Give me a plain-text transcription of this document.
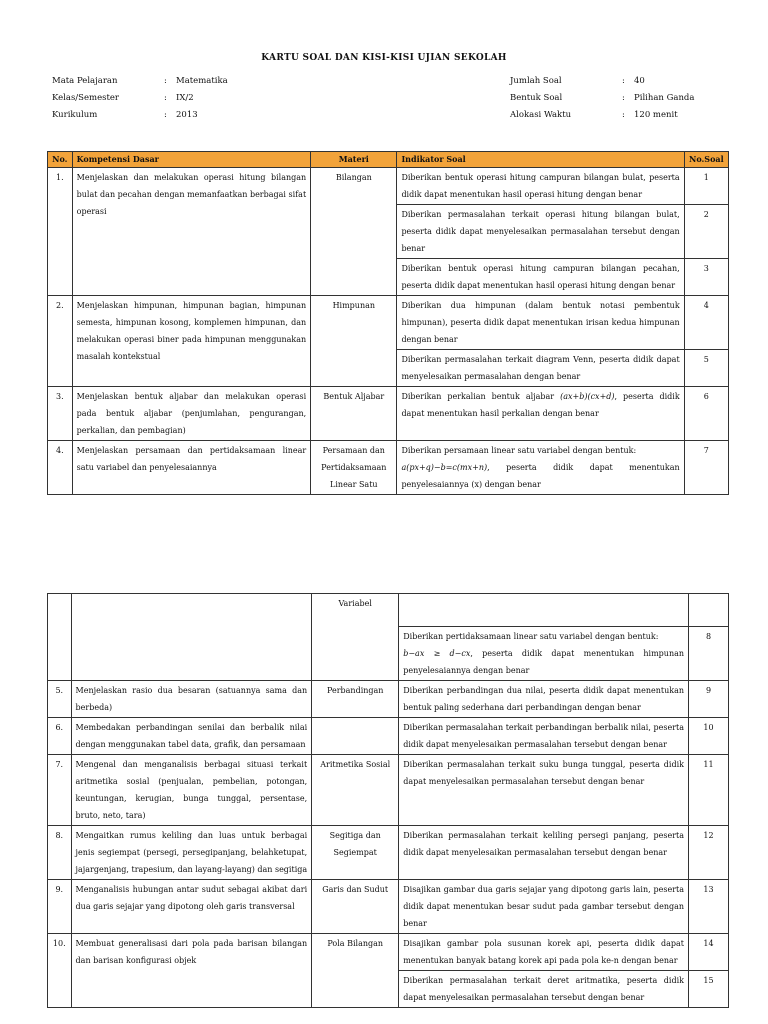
KARTU SOAL DAN KISI-KISI UJIAN SEKOLAH
Mata Pelajaran	:	Matematika
Kelas/Semester	:	IX/2
Kurikulum	:	2013
Jumlah Soal	:	40
Bentuk Soal	:	Pilihan Ganda
Alokasi Waktu	:	120 menit
No.	Kompetensi Dasar	Materi	Indikator Soal	No.Soal
1.	Menjelaskan dan melakukan operasi hitung bilangan bulat dan pecahan dengan memanfaatkan berbagai sifat operasi	Bilangan	Diberikan bentuk operasi hitung campuran bilangan bulat, peserta didik dapat menentukan hasil operasi hitung dengan benar	1
			Diberikan permasalahan terkait operasi hitung bilangan bulat, peserta didik dapat menyelesaikan permasalahan tersebut dengan benar	2
			Diberikan bentuk operasi hitung campuran bilangan pecahan, peserta didik dapat menentukan hasil operasi hitung dengan benar	3
2.	Menjelaskan himpunan, himpunan bagian, himpunan semesta, himpunan kosong, komplemen himpunan, dan melakukan operasi biner pada himpunan menggunakan masalah kontekstual	Himpunan	Diberikan dua himpunan (dalam bentuk notasi pembentuk himpunan), peserta didik dapat menentukan irisan kedua himpunan dengan benar	4
			Diberikan permasalahan terkait diagram Venn, peserta didik dapat menyelesaikan permasalahan dengan benar	5
3.	Menjelaskan bentuk aljabar dan melakukan operasi pada bentuk aljabar (penjumlahan, pengurangan, perkalian, dan pembagian)	Bentuk Aljabar	Diberikan perkalian bentuk aljabar (ax+b)(cx+d), peserta didik dapat menentukan hasil perkalian dengan benar	6
4.	Menjelaskan persamaan dan pertidaksamaan linear satu variabel dan penyelesaiannya	Persamaan dan Pertidaksamaan Linear Satu	Diberikan persamaan linear satu variabel dengan bentuk:
a(px+q)−b=c(mx+n), peserta didik dapat menentukan penyelesaiannya (x) dengan benar	7
		Variabel		
			Diberikan pertidaksamaan linear satu variabel dengan bentuk:
b−ax ≥ d−cx, peserta didik dapat menentukan himpunan penyelesaiannya dengan benar	8
5.	Menjelaskan rasio dua besaran (satuannya sama dan berbeda)	Perbandingan	Diberikan perbandingan dua nilai, peserta didik dapat menentukan bentuk paling sederhana dari perbandingan dengan benar	9
6.	Membedakan perbandingan senilai dan berbalik nilai dengan menggunakan tabel data, grafik, dan persamaan		Diberikan permasalahan terkait perbandingan berbalik nilai, peserta didik dapat menyelesaikan permasalahan tersebut dengan benar	10
7.	Mengenal dan menganalisis berbagai situasi terkait aritmetika sosial (penjualan, pembelian, potongan, keuntungan, kerugian, bunga tunggal, persentase, bruto, neto, tara)	Aritmetika Sosial	Diberikan permasalahan terkait suku bunga tunggal, peserta didik dapat menyelesaikan permasalahan tersebut dengan benar	11
8.	Mengaitkan rumus keliling dan luas untuk berbagai jenis segiempat (persegi, persegipanjang, belahketupat, jajargenjang, trapesium, dan layang-layang) dan segitiga	Segitiga dan Segiempat	Diberikan permasalahan terkait keliling persegi panjang, peserta didik dapat menyelesaikan permasalahan tersebut dengan benar	12
9.	Menganalisis hubungan antar sudut sebagai akibat dari dua garis sejajar yang dipotong oleh garis transversal	Garis dan Sudut	Disajikan gambar dua garis sejajar yang dipotong garis lain, peserta didik dapat menentukan besar sudut pada gambar tersebut dengan benar	13
10.	Membuat generalisasi dari pola pada barisan bilangan dan barisan konfigurasi objek	Pola Bilangan	Disajikan gambar pola susunan korek api, peserta didik dapat menentukan banyak batang korek api pada pola ke-n dengan benar	14
			Diberikan permasalahan terkait deret aritmatika, peserta didik dapat menyelesaikan permasalahan tersebut dengan benar	15
